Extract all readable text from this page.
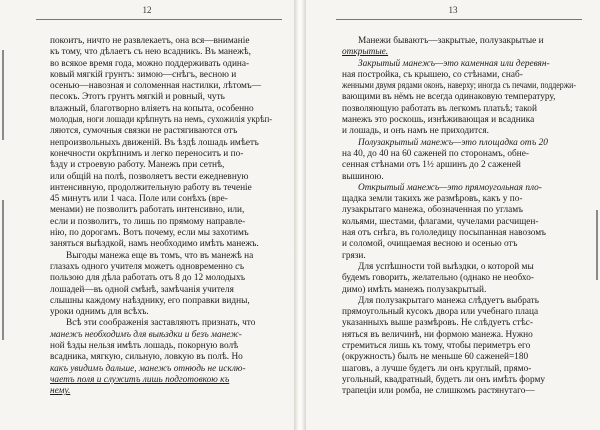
12
покоитъ, ничто не развлекаетъ, она вся—вниманіе
къ тому, что дѣлаетъ съ нею всадникъ. Въ манежѣ,
во всякое время года, можно поддерживать одина-
ковый мягкій грунтъ: зимою—снѣгъ, весною и
осенью—навозная и соломенная настилки, лѣтомъ—
песокъ. Этотъ грунтъ мягкій и ровный, чуть
влажный, благотворно вліяетъ на копыта, особенно
молодыя, ноги лошади крѣпнутъ на немъ, сухожилія укрѣп-
ляются, сумочныя связки не растягиваются отъ
непроизвольныхъ движеній. Въ ѣздѣ лошадь имѣетъ
конечности окрѣпнимъ и легко переноситъ и по-
ѣзду и строевую работу. Манежъ при сетнѣ,
или общій на полѣ, позволяетъ вести ежедневную
интенсивную, продолжительную работу въ теченіе
45 минутъ или 1 часа. Поле или сонѣхъ (вре-
менами) не позволитъ работать интенсивно, или,
если и позволитъ, то лишь по прямому направле-
нію, по дорогамъ. Вотъ почему, если мы захотимъ
заняться выѣздкой, намъ необходимо имѣть манежъ.
Выгоды манежа еще въ томъ, что въ манежѣ на
глазахъ одного учителя можетъ одновременно съ
пользою для дѣла работать отъ 8 до 12 молодыхъ
лошадей—въ одной смѣнѣ, замѣчанія учителя
слышны каждому наѣзднику, его поправки видны,
уроки однимъ для всѣхъ.
Всѣ эти соображенія заставляютъ признать, что
манежъ необходимъ для выѣздки и безъ манеж-
ной ѣзды нельзя имѣть лошадь, покорную волѣ
всадника, мягкую, сильную, ловкую въ полѣ. Но
какъ увидимъ дальше, манежъ отнюдь не исклю-
чаетъ поля и служитъ лишь подготовкою къ
нему.
13
Манежи бываютъ—закрытые, полузакрытые и
открытые.
Закрытый манежъ—это каменная или деревян-
ная постройка, съ крышею, со стѣнами, снаб-
женными двумя рядами оконъ, наверху; иногда съ печами, поддержи-
вающими въ нёмъ не всегда одинаковую температуру,
позволяющую работать въ легкомъ платьѣ; такой
манежъ это роскошь, изнѣживающая и всадника
и лошадь, и онъ намъ не приходится.
Полузакрытый манежъ—это площадка отъ 20
на 40, до 40 на 60 саженей по сторонамъ, обне-
сенная стѣнами отъ 1½ аршинъ до 2 саженей
вышиною.
Открытый манежъ—это прямоугольная пло-
щадка земли такихъ же размѣровъ, какъ у по-
лузакрытаго манежа, обозначенная по угламъ
кольями, шестами, флагами, чучелами расчищен-
ная отъ снѣга, въ гололедицу посыпанная навозомъ
и соломой, очищаемая весною и осенью отъ
грязи.
Для успѣшности той выѣздки, о которой мы
будемъ говорить, желательно (однако не необхо-
димо) имѣть манежъ полузакрытый.
Для полузакрытаго манежа слѣдуетъ выбрать
прямоугольный кусокъ двора или учебнаго плаца
указанныхъ выше размѣровъ. Не слѣдуетъ стѣс-
няться въ величинѣ, ни формою манежа. Нужно
стремиться лишь къ тому, чтобы периметръ его
(окружность) былъ не меньше 60 саженей=180
шаговъ, а лучше будетъ ли онъ круглый, прямо-
угольный, квадратный, будетъ ли онъ имѣть форму
трапеціи или ромба, не слишкомъ растянутаго—
